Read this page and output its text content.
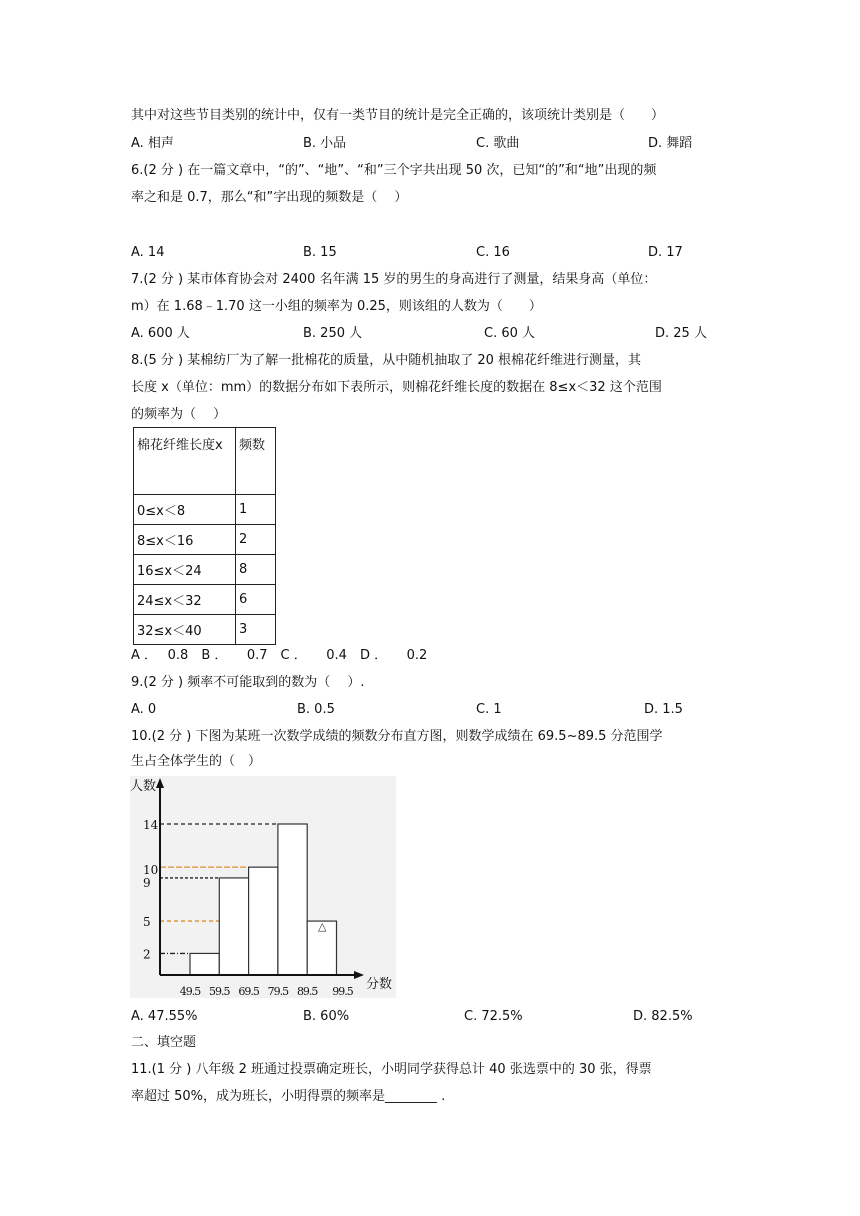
其中对这些节目类别的统计中，仅有一类节目的统计是完全正确的，该项统计类别是（　　）
A. 相声	B. 小品	C. 歌曲	D. 舞蹈
6.(2 分 ) 在一篇文章中，“的”、“地”、“和”三个字共出现 50 次，已知“的”和“地”出现的频
率之和是 0.7，那么“和”字出现的频数是（　 ）
A. 14	B. 15	C. 16	D. 17
7.(2 分 ) 某市体育协会对 2400 名年满 15 岁的男生的身高进行了测量，结果身高（单位：
m）在 1.68﹣1.70 这一小组的频率为 0.25，则该组的人数为（　　）
A. 600 人	B. 250 人	C. 60 人	D. 25 人
8.(5 分 ) 某棉纺厂为了解一批棉花的质量，从中随机抽取了 20 根棉花纤维进行测量，其
长度 x（单位：mm）的数据分布如下表所示，则棉花纤维长度的数据在 8≤x＜32 这个范围
的频率为（　 ）
棉花纤维长度x	频数
0≤x＜8	1
8≤x＜16	2
16≤x＜24	8
24≤x＜32	6
32≤x＜40	3
A ．　 0.8　B ．　　0.7　C ．　　0.4　D ．　　0.2
9.(2 分 ) 频率不可能取到的数为（　 ）.
A. 0	B. 0.5	C. 1	D. 1.5
10.(2 分 ) 下图为某班一次数学成绩的频数分布直方图，则数学成绩在 69.5~89.5 分范围学
生占全体学生的（　）
人数
分数
2
5
9
10
14
49.5 59.5 69.5 79.5 89.5 99.5
△
A. 47.55%	B. 60%	C. 72.5%	D. 82.5%
二、填空题
11.(1 分 ) 八年级 2 班通过投票确定班长，小明同学获得总计 40 张选票中的 30 张，得票
率超过 50%，成为班长，小明得票的频率是________ .
